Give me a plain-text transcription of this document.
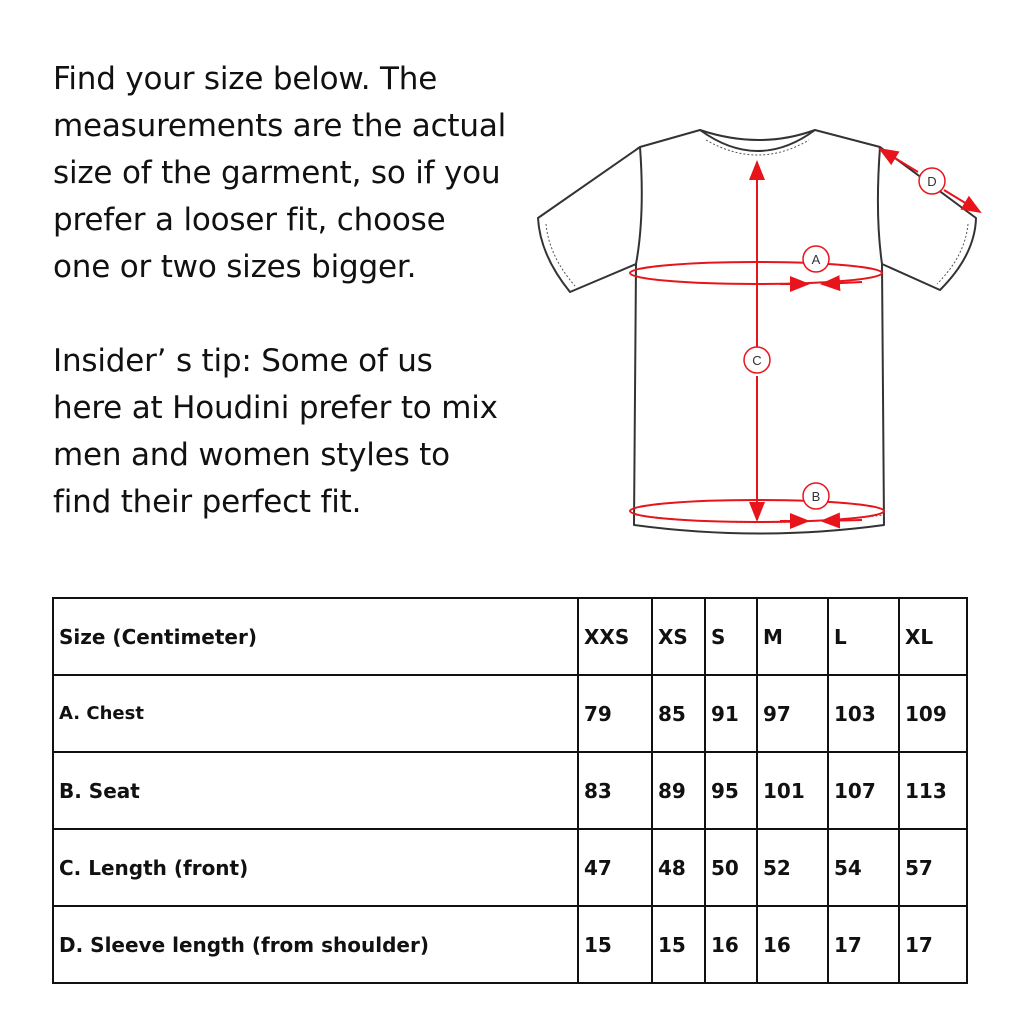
Find your size below. The
measurements are the actual
size of the garment, so if you
prefer a looser fit, choose
one or two sizes bigger.

Insider’ s tip: Some of us
here at Houdini prefer to mix
men and women styles to
find their perfect fit.

A
B
C
D
Size (Centimeter)	XXS	XS	S	M	L	XL
A. Chest	79	85	91	97	103	109
B. Seat	83	89	95	101	107	113
C. Length (front)	47	48	50	52	54	57
D. Sleeve length (from shoulder)	15	15	16	16	17	17
